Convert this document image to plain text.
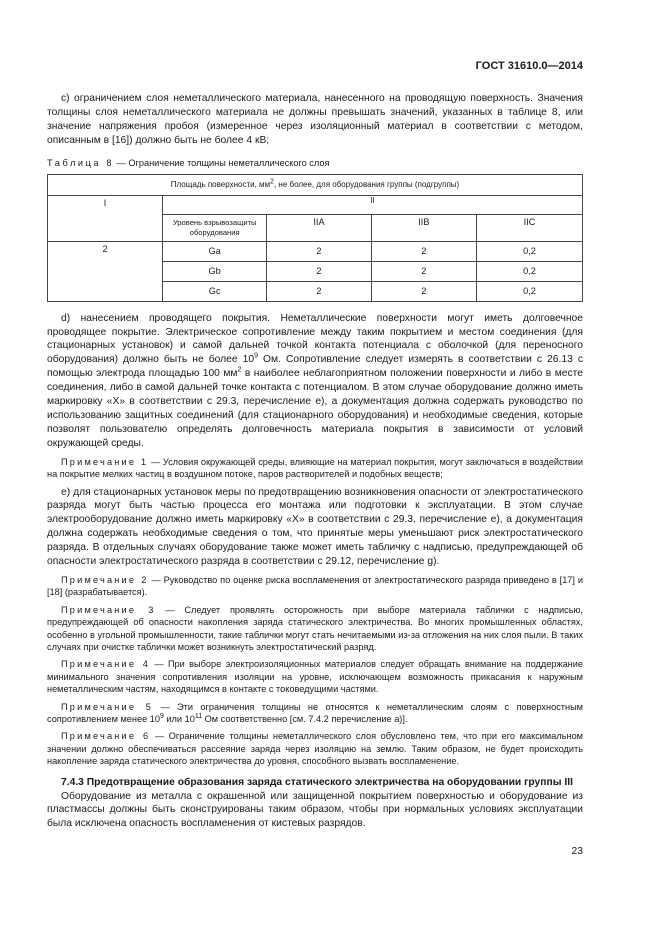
ГОСТ 31610.0—2014

с) ограничением слоя неметаллического материала, нанесенного на проводящую поверхность. Значения толщины слоя неметаллического материала не должны превышать значений, указанных в таблице 8, или значение напряжения пробоя (измеренное через изоляционный материал в соответствии с методом, описанным в [16]) должно быть не более 4 кВ;

Таблица 8 — Ограничение толщины неметаллического слоя
Площадь поверхности, $мм^2$, не более, для оборудования группы (подгруппы)				
I	II			
	Уровень взрывозащиты оборудования	IIA	IIB	IIC
2	Ga	2	2	0,2
	Gb	2	2	0,2
	Gc	2	2	0,2

d) нанесением проводящего покрытия. Неметаллические поверхности могут иметь долговечное проводящее покрытие. Электрическое сопротивление между таким покрытием и местом соединения (для стационарных установок) и самой дальней точкой контакта потенциала с оболочкой (для переносного оборудования) должно быть не более $10^9$ Ом. Сопротивление следует измерять в соответствии с 26.13 с помощью электрода площадью 100 $мм^2$ в наиболее неблагоприятном положении поверхности и либо в месте соединения, либо в самой дальней точке контакта с потенциалом. В этом случае оборудование должно иметь маркировку «X» в соответствии с 29.3, перечисление е), а документация должна содержать руководство по использованию защитных соединений (для стационарного оборудования) и необходимые сведения, которые позволят пользователю определять долговечность материала покрытия в зависимости от условий окружающей среды.

Примечание 1 — Условия окружающей среды, влияющие на материал покрытия, могут заключаться в воздействии на покрытие мелких частиц в воздушном потоке, паров растворителей и подобных веществ;

е) для стационарных установок меры по предотвращению возникновения опасности от электростатического разряда могут быть частью процесса его монтажа или подготовки к эксплуатации. В этом случае электрооборудование должно иметь маркировку «X» в соответствии с 29.3, перечисление е), а документация должна содержать необходимые сведения о том, что принятые меры уменьшают риск электростатического разряда. В отдельных случаях оборудование также может иметь табличку с надписью, предупреждающей об опасности электростатического разряда в соответствии с 29.12, перечисление g).

Примечание 2 — Руководство по оценке риска воспламенения от электростатического разряда приведено в [17] и [18] (разрабатывается).

Примечание 3 — Следует проявлять осторожность при выборе материала таблички с надписью, предупреждающей об опасности накопления заряда статического электричества. Во многих промышленных областях, особенно в угольной промышленности, такие таблички могут стать нечитаемыми из-за отложения на них слоя пыли. В таких случаях при очистке таблички может возникнуть электростатический разряд.

Примечание 4 — При выборе электроизоляционных материалов следует обращать внимание на поддержание минимального значения сопротивления изоляции на уровне, исключающем возможность прикасания к наружным неметаллическим частям, находящимся в контакте с токоведущими частями.

Примечание 5 — Эти ограничения толщины не относятся к неметаллическим слоям с поверхностным сопротивлением менее $10^9$ или $10^{11}$ Ом соответственно [см. 7.4.2 перечисление а)].

Примечание 6 — Ограничение толщины неметаллического слоя обусловлено тем, что при его максимальном значении должно обеспечиваться рассеяние заряда через изоляцию на землю. Таким образом, не будет происходить накопление заряда статического электричества до уровня, способного вызвать воспламенение.

7.4.3 Предотвращение образования заряда статического электричества на оборудовании группы III

Оборудование из металла с окрашенной или защищенной покрытием поверхностью и оборудование из пластмассы должны быть сконструированы таким образом, чтобы при нормальных условиях эксплуатации была исключена опасность воспламенения от кистевых разрядов.

23
